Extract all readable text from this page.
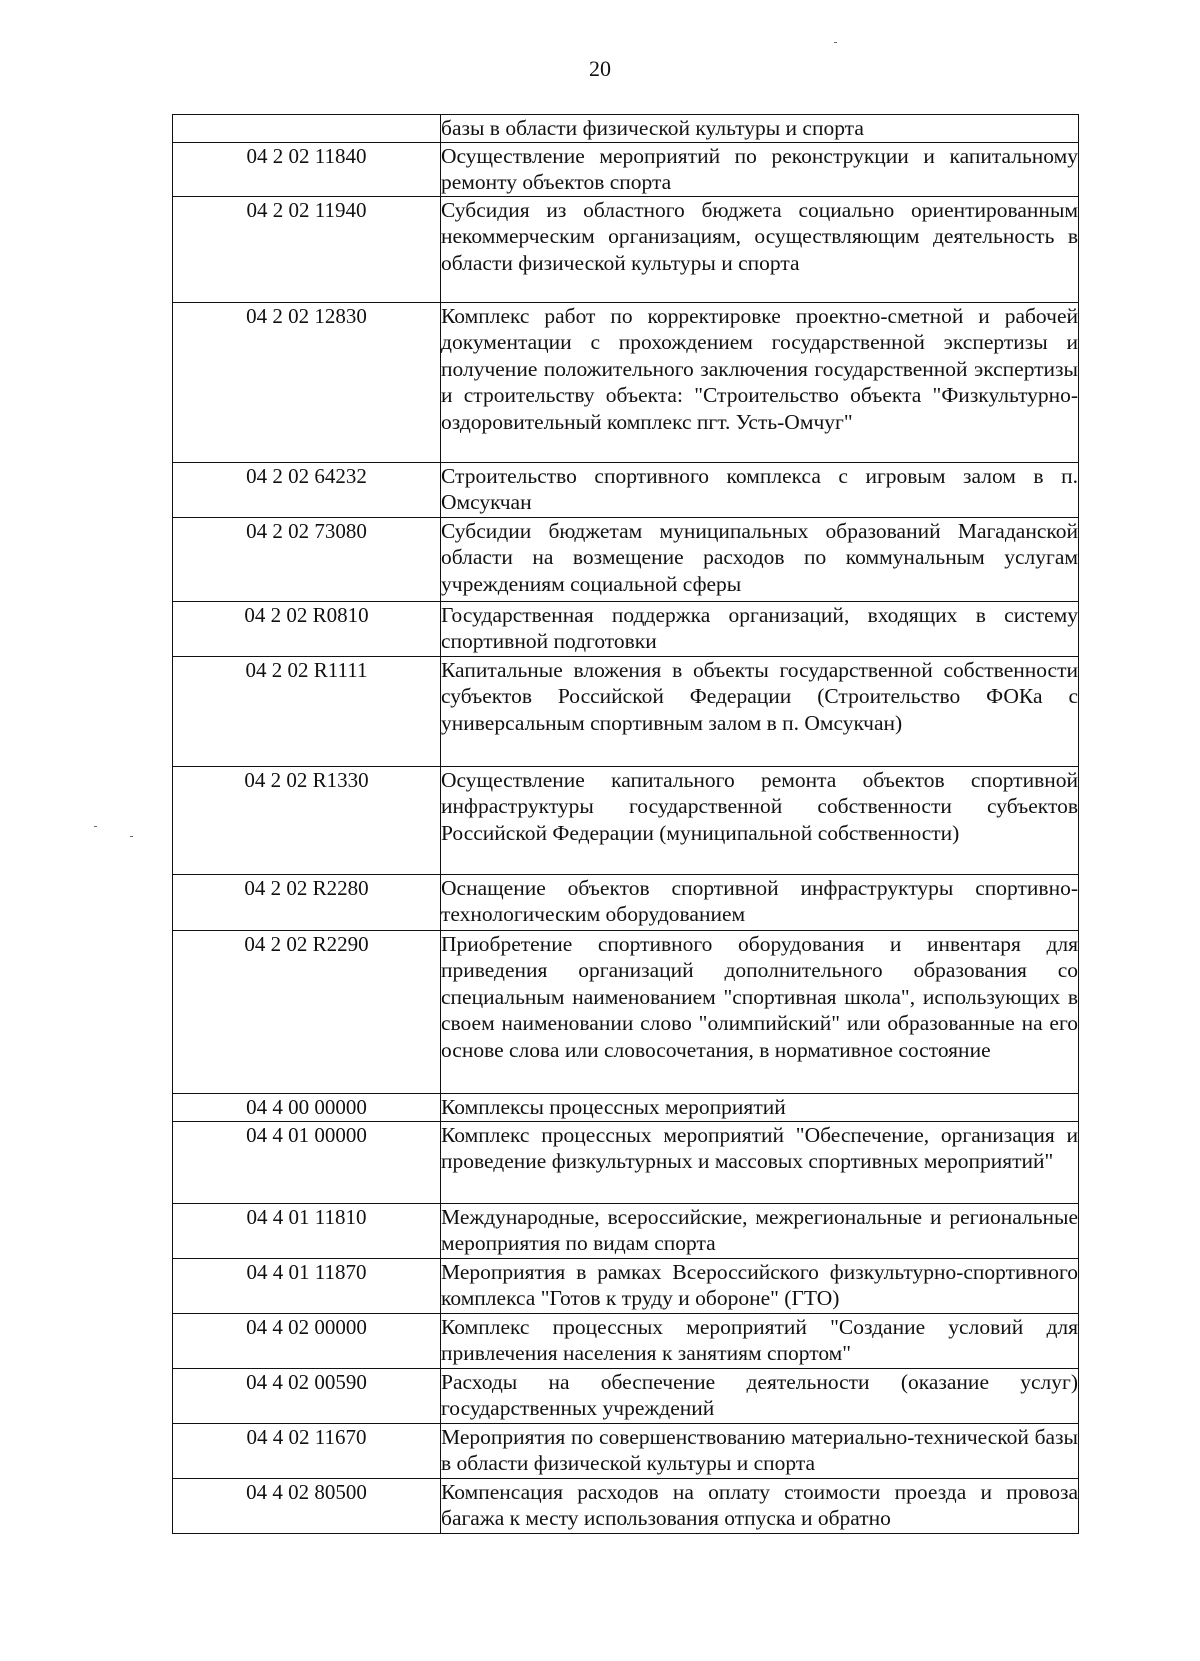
20
	базы в области физической культуры и спорта
04 2 02 11840	Осуществление мероприятий по реконструкции и капитальному ремонту объектов спорта
04 2 02 11940	Субсидия из областного бюджета социально ориентированным некоммерческим организациям, осуществляющим деятельность в области физической культуры и спорта
04 2 02 12830	Комплекс работ по корректировке проектно-сметной и рабочей документации с прохождением государственной экспертизы и получение положительного заключения государственной экспертизы и строительству объекта: "Строительство объекта "Физкультурно-оздоровительный комплекс пгт. Усть-Омчуг"
04 2 02 64232	Строительство спортивного комплекса с игровым залом в п. Омсукчан
04 2 02 73080	Субсидии бюджетам муниципальных образований Магаданской области на возмещение расходов по коммунальным услугам учреждениям социальной сферы
04 2 02 R0810	Государственная поддержка организаций, входящих в систему спортивной подготовки
04 2 02 R1111	Капитальные вложения в объекты государственной собственности субъектов Российской Федерации (Строительство ФОКа с универсальным спортивным залом в п. Омсукчан)
04 2 02 R1330	Осуществление капитального ремонта объектов спортивной инфраструктуры государственной собственности субъектов Российской Федерации (муниципальной собственности)
04 2 02 R2280	Оснащение объектов спортивной инфраструктуры спортивно-технологическим оборудованием
04 2 02 R2290	Приобретение спортивного оборудования и инвентаря для приведения организаций дополнительного образования со специальным наименованием "спортивная школа", использующих в своем наименовании слово "олимпийский" или образованные на его основе слова или словосочетания, в нормативное состояние
04 4 00 00000	Комплексы процессных мероприятий
04 4 01 00000	Комплекс процессных мероприятий "Обеспечение, организация и проведение физкультурных и массовых спортивных мероприятий"
04 4 01 11810	Международные, всероссийские, межрегиональные и региональные мероприятия по видам спорта
04 4 01 11870	Мероприятия в рамках Всероссийского физкультурно-спортивного комплекса "Готов к труду и обороне" (ГТО)
04 4 02 00000	Комплекс процессных мероприятий "Создание условий для привлечения населения к занятиям спортом"
04 4 02 00590	Расходы на обеспечение деятельности (оказание услуг) государственных учреждений
04 4 02 11670	Мероприятия по совершенствованию материально-технической базы в области физической культуры и спорта
04 4 02 80500	Компенсация расходов на оплату стоимости проезда и провоза багажа к месту использования отпуска и обратно
